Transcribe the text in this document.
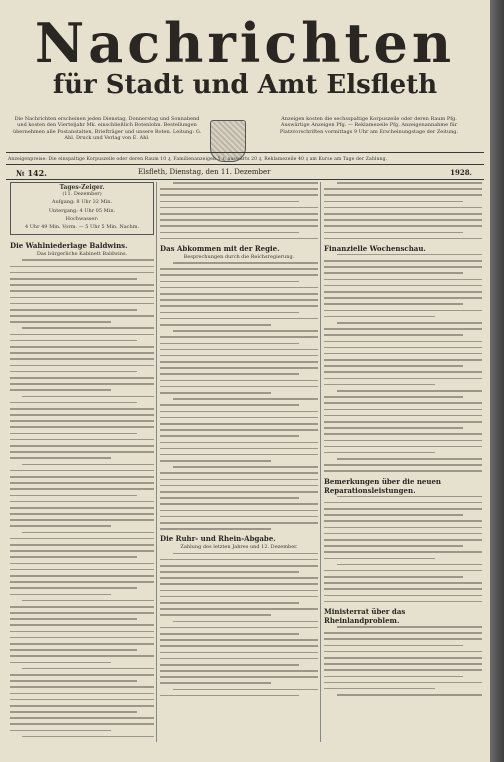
Nachrichten
für Stadt und Amt Elsfleth
Die Nachrichten erscheinen jeden Dienstag, Donnerstag und Sonnabend und kosten den Vierteljahr Mk. einschließlich Botenlohn. Bestellungen übernehmen alle Postanstalten, Briefträger und unsere Boten. Leitung: G. Ahl. Druck und Verlag von E. Ahl.
Anzeigen kosten die sechsspaltige Korpuszeile oder deren Raum Pfg. Auswärtige Anzeigen Pfg. — Reklamezeile Pfg. Anzeigenannahme für Platzvorschriften vormittags 9 Uhr am Erscheinungstage der Zeitung.
Anzeigenpreise: Die einspaltige Korpuszeile oder deren Raum 10 ₰, Familienanzeigen 5 ₰, auswärts 20 ₰, Reklamezeile 40 ₰ am Kurse am Tage der Zahlung.
№ 142.	Elsfleth, Dienstag, den 11. Dezember	1928.
Tages-Zeiger.
(11. Dezember)
Aufgang: 8 Uhr 32 Min.
Untergang: 4 Uhr 05 Min.
Hochwasser:
4 Uhr 49 Min. Vorm. — 5 Uhr 5 Min. Nachm.
Die Wahlniederlage Baldwins.
Das bürgerliche Kabinett Baldwins.
Das Abkommen mit der Regie.
Besprechungen durch die Reichsregierung.
Die Ruhr- und Rhein-Abgabe.
Zahlung des letzten Jahres und 12. Dezember.
Finanzielle Wochenschau.
Bemerkungen über die neuen Reparationsleistungen.
Ministerrat über das Rheinlandproblem.
